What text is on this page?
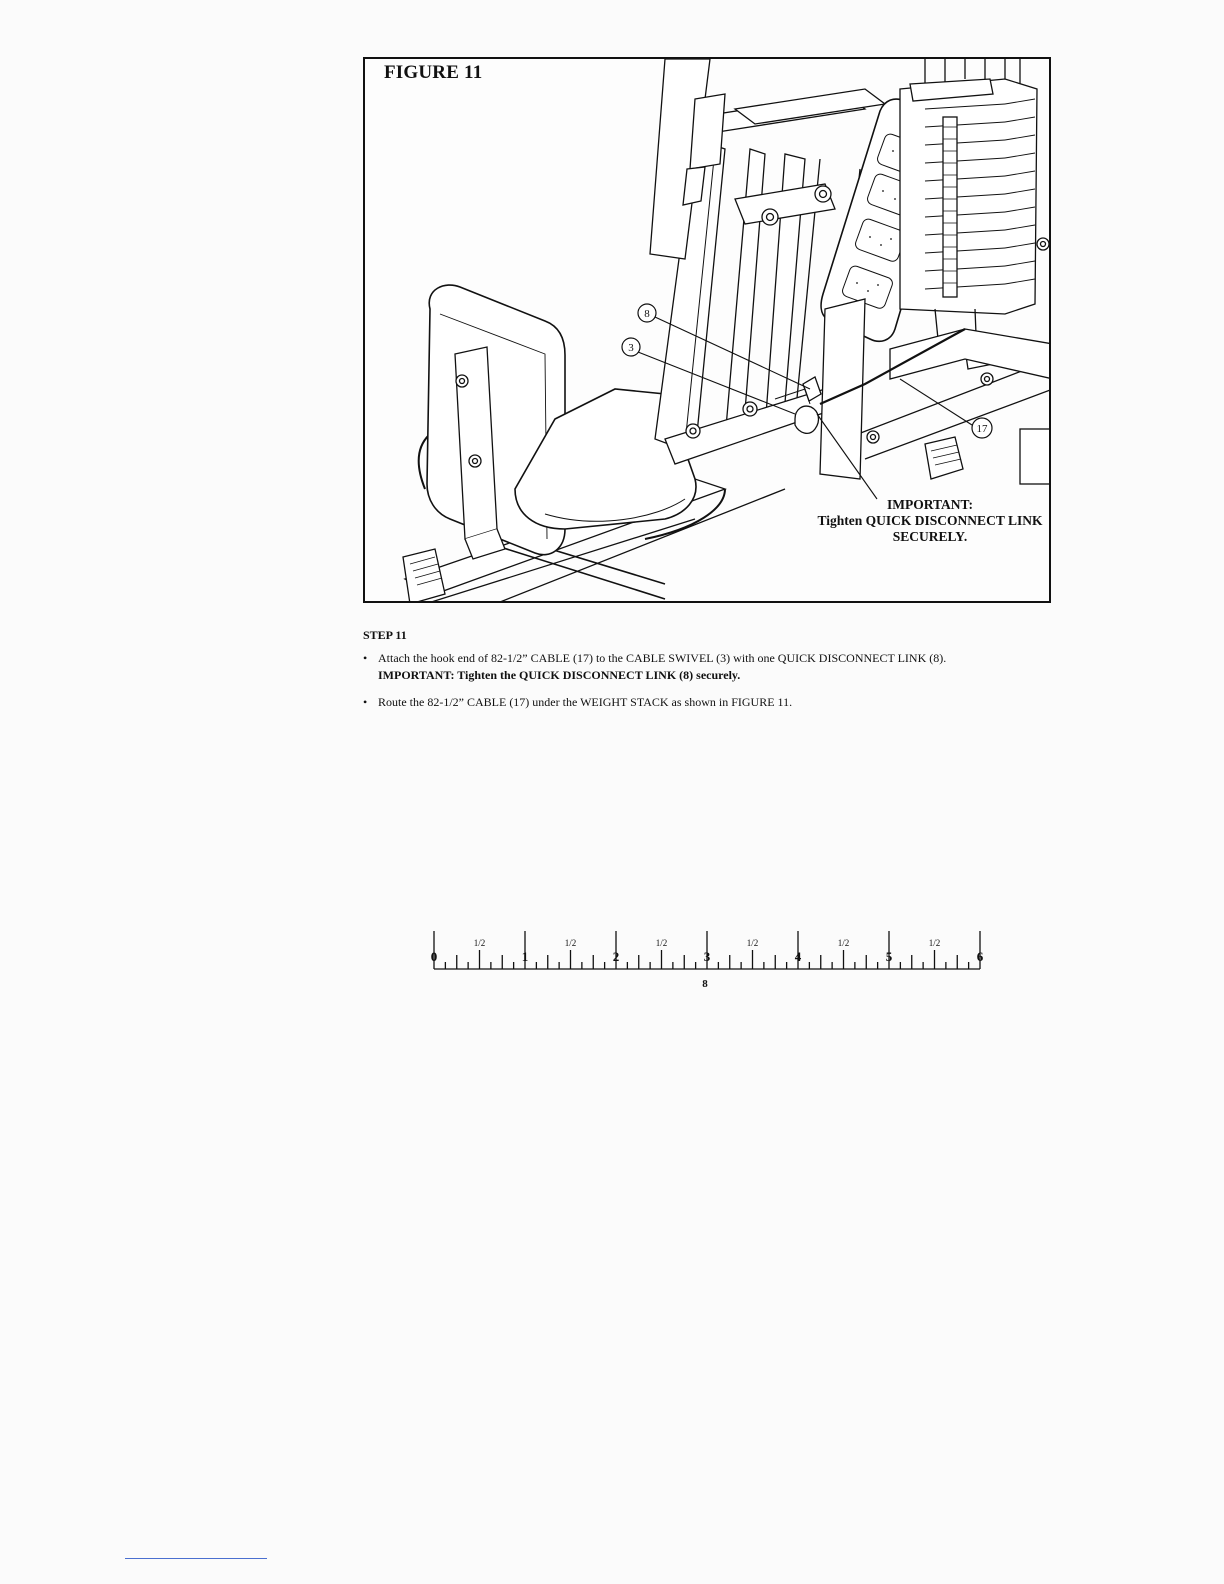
8
3
17
FIGURE 11
IMPORTANT:
Tighten QUICK DISCONNECT LINK
SECURELY.
STEP 11
• Attach the hook end of 82-1/2” CABLE (17) to the CABLE SWIVEL (3) with one QUICK DISCONNECT LINK (8).
IMPORTANT: Tighten the QUICK DISCONNECT LINK (8) securely.
• Route the 82-1/2” CABLE (17) under the WEIGHT STACK as shown in FIGURE 11.
0
1/2
1
1/2
2
1/2
3
1/2
4
1/2
5
1/2
6
8
